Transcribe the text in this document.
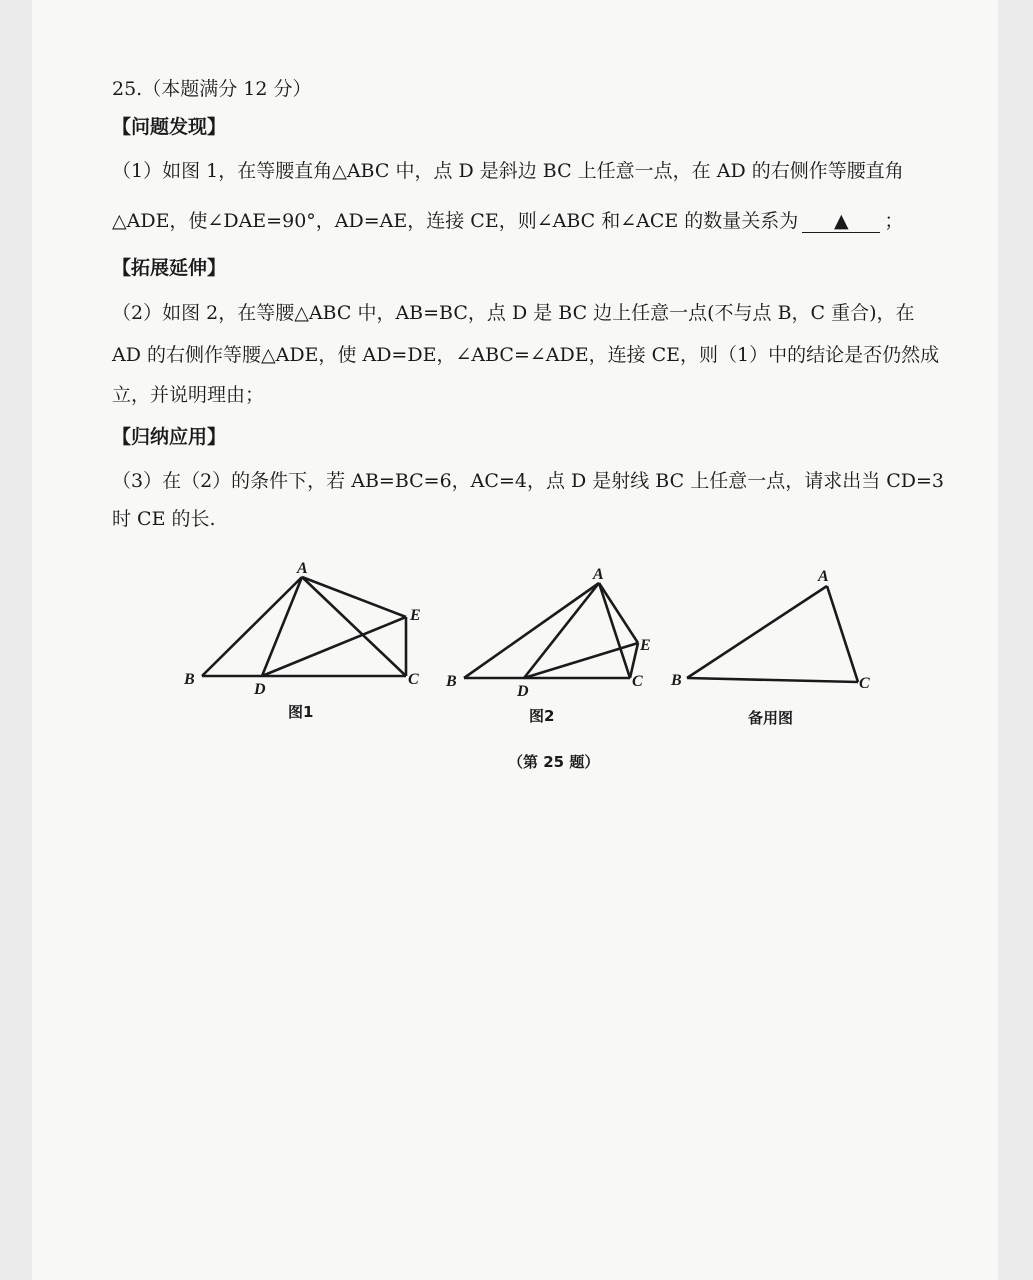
25.（本题满分 12 分）
【问题发现】
（1）如图 1，在等腰直角△ABC 中，点 D 是斜边 BC 上任意一点，在 AD 的右侧作等腰直角
△ADE，使∠DAE=90°，AD=AE，连接 CE，则∠ABC 和∠ACE 的数量关系为 ▲ ；
【拓展延伸】
（2）如图 2，在等腰△ABC 中，AB=BC，点 D 是 BC 边上任意一点(不与点 B，C 重合)，在
AD 的右侧作等腰△ADE，使 AD=DE，∠ABC=∠ADE，连接 CE，则（1）中的结论是否仍然成
立，并说明理由；
【归纳应用】
（3）在（2）的条件下，若 AB=BC=6，AC=4，点 D 是射线 BC 上任意一点，请求出当 CD=3
时 CE 的长.
A
B	C
D
E
A
B	C
D
E
A
B	C
图1	图2	备用图
（第 25 题）
